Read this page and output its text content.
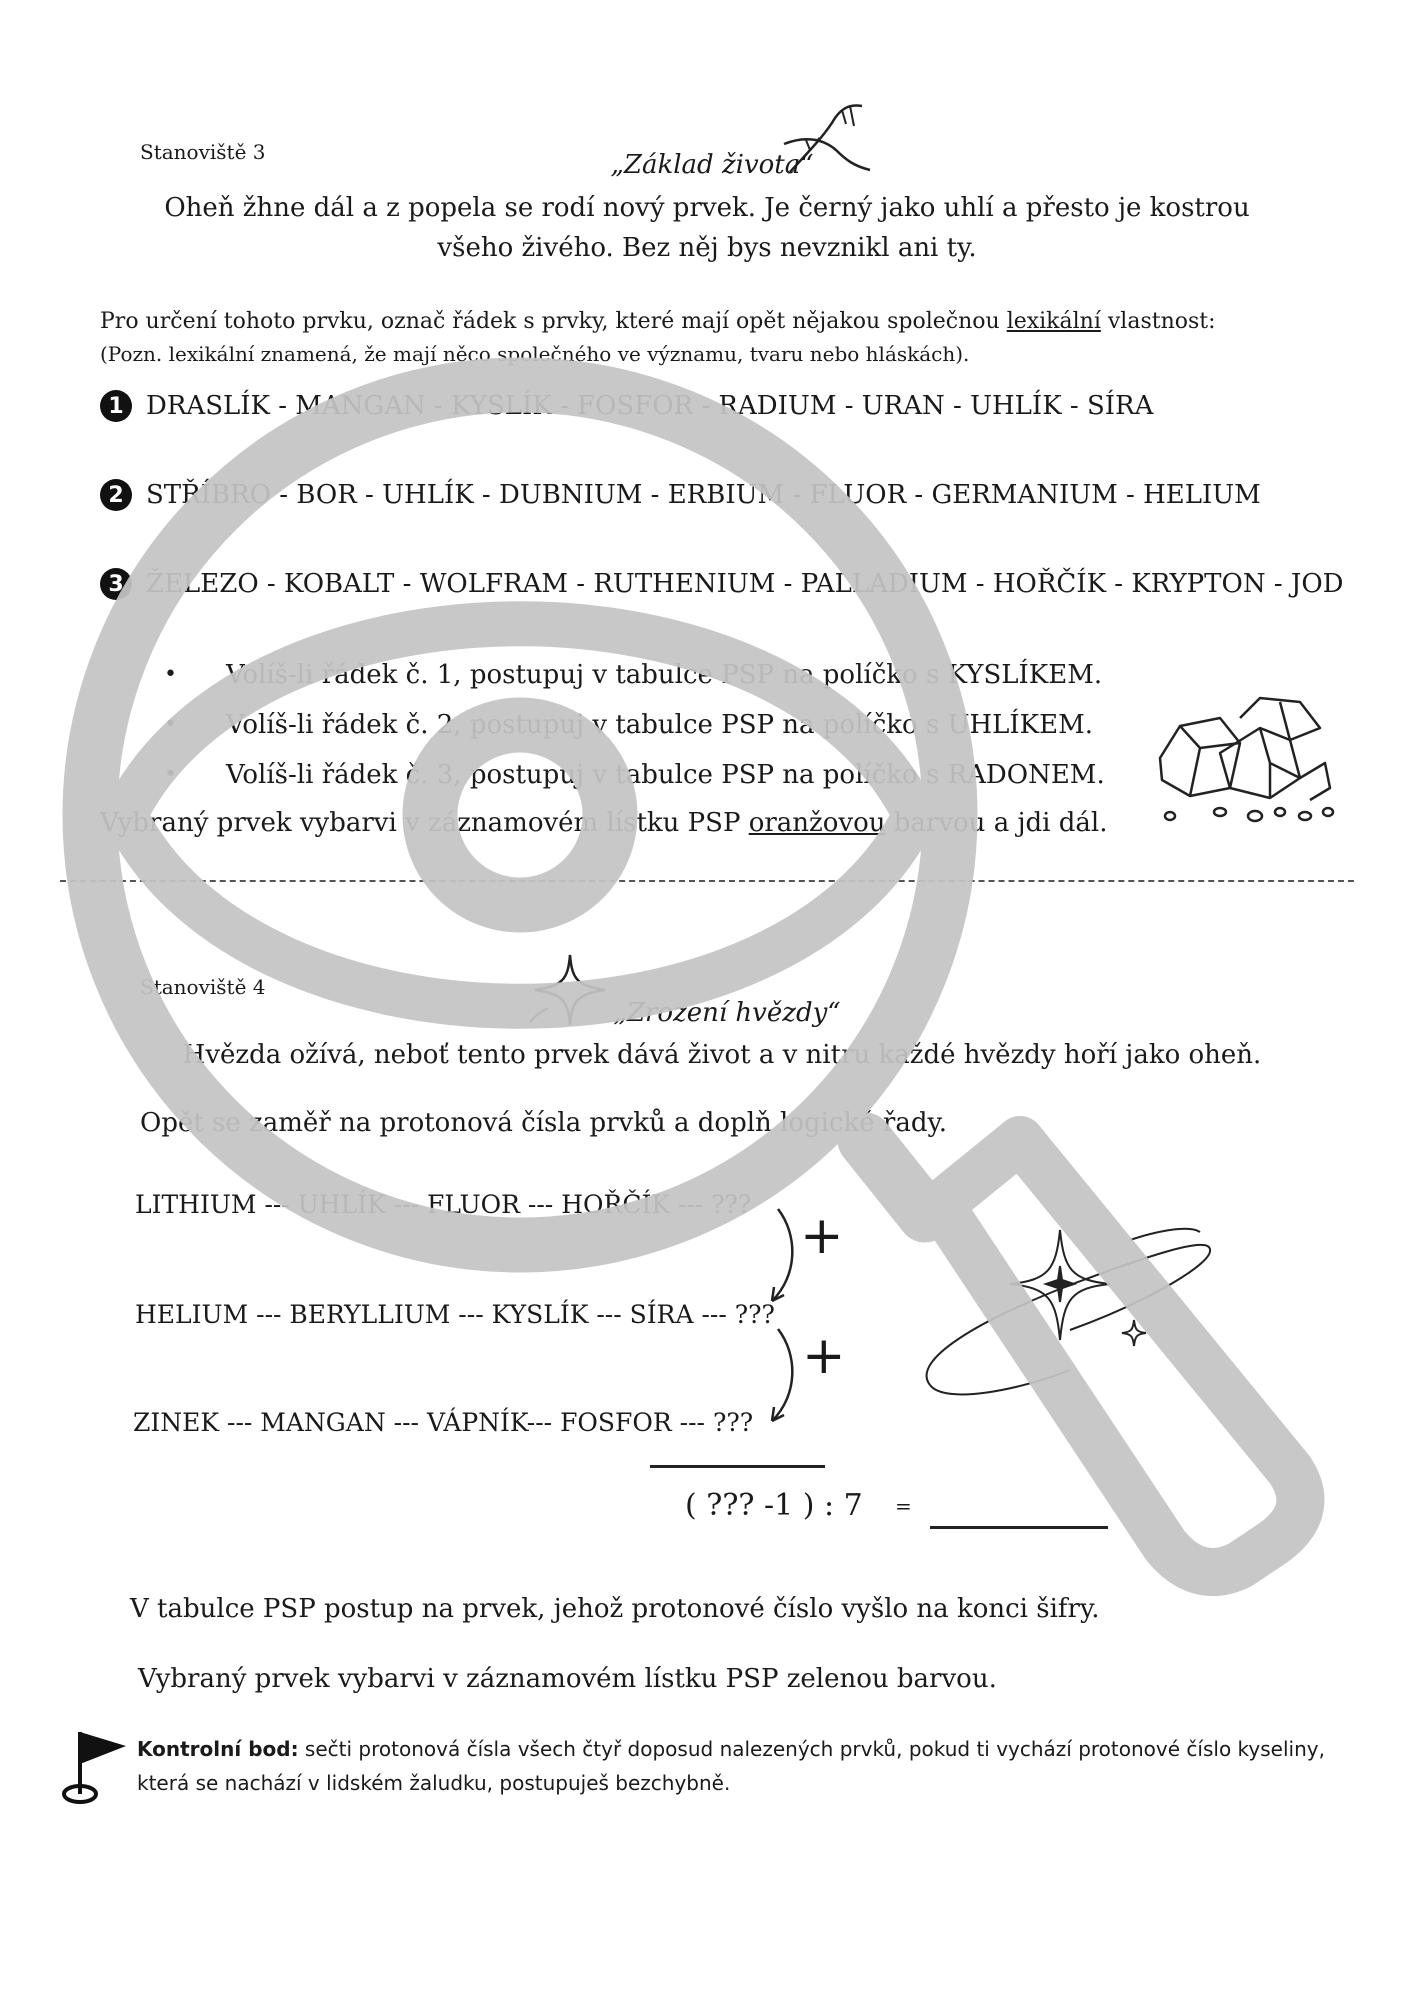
Stanoviště 3	„Základ života“
Oheň žhne dál a z popela se rodí nový prvek. Je černý jako uhlí a přesto je kostrou všeho živého. Bez něj bys nevznikl ani ty.
Pro určení tohoto prvku, označ řádek s prvky, které mají opět nějakou společnou lexikální vlastnost:
(Pozn. lexikální znamená, že mají něco společného ve významu, tvaru nebo hláskách).
1 DRASLÍK - MANGAN - KYSLÍK - FOSFOR - RADIUM - URAN - UHLÍK - SÍRA
2 STŘÍBRO - BOR - UHLÍK - DUBNIUM - ERBIUM - FLUOR - GERMANIUM - HELIUM
3 ŽELEZO - KOBALT - WOLFRAM - RUTHENIUM - PALLADIUM - HOŘČÍK - KRYPTON - JOD
• Volíš-li řádek č. 1, postupuj v tabulce PSP na políčko s KYSLÍKEM.
• Volíš-li řádek č. 2, postupuj v tabulce PSP na políčko s UHLÍKEM.
• Volíš-li řádek č. 3, postupuj v tabulce PSP na políčko s RADONEM.
Vybraný prvek vybarvi v záznamovém lístku PSP oranžovou barvou a jdi dál.
Stanoviště 4
„Zrození hvězdy“
Hvězda ožívá, neboť tento prvek dává život a v nitru každé hvězdy hoří jako oheň.
Opět se zaměř na protonová čísla prvků a doplň logické řady.
LITHIUM --- UHLÍK --- FLUOR --- HOŘČÍK --- ???
HELIUM --- BERYLLIUM --- KYSLÍK --- SÍRA --- ???
ZINEK --- MANGAN --- VÁPNÍK--- FOSFOR --- ???
+
+
( ??? -1 ) : 7 =
V tabulce PSP postup na prvek, jehož protonové číslo vyšlo na konci šifry.
Vybraný prvek vybarvi v záznamovém lístku PSP zelenou barvou.
Kontrolní bod: sečti protonová čísla všech čtyř doposud nalezených prvků, pokud ti vychází protonové číslo kyseliny, která se nachází v lidském žaludku, postupuješ bezchybně.
